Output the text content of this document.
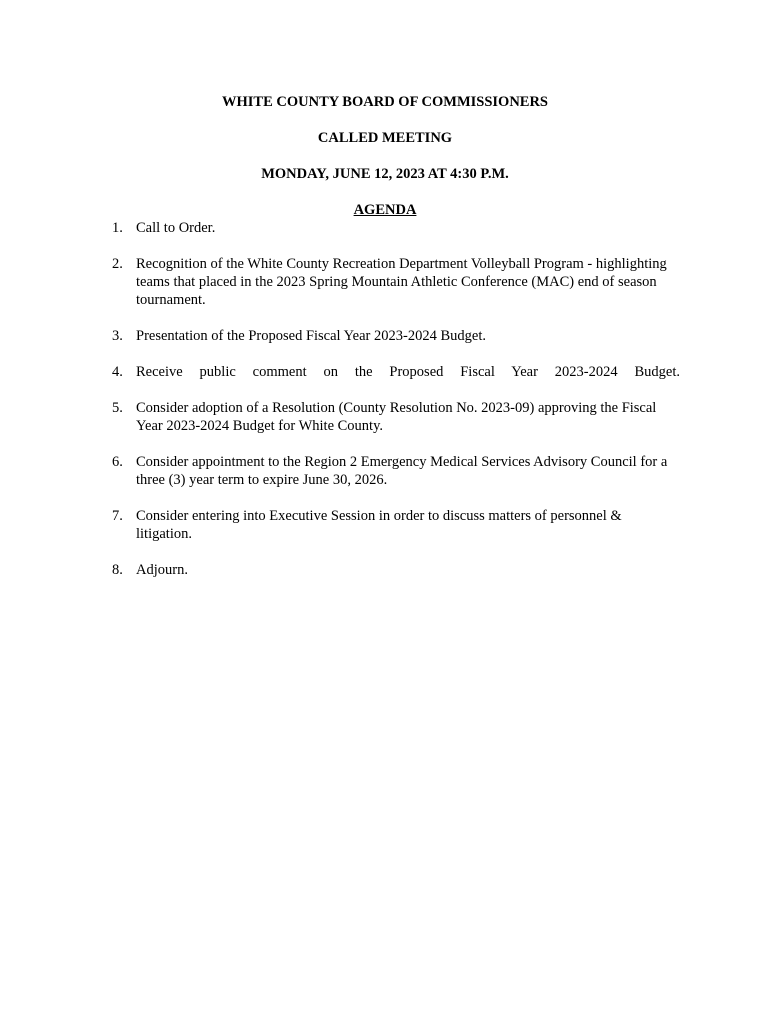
WHITE COUNTY BOARD OF COMMISSIONERS
CALLED MEETING
MONDAY, JUNE 12, 2023 AT 4:30 P.M.
AGENDA
1. Call to Order.
2. Recognition of the White County Recreation Department Volleyball Program - highlighting teams that placed in the 2023 Spring Mountain Athletic Conference (MAC) end of season tournament.
3. Presentation of the Proposed Fiscal Year 2023-2024 Budget.
4. Receive public comment on the Proposed Fiscal Year 2023-2024 Budget.
5. Consider adoption of a Resolution (County Resolution No. 2023-09) approving the Fiscal Year 2023-2024 Budget for White County.
6. Consider appointment to the Region 2 Emergency Medical Services Advisory Council for a three (3) year term to expire June 30, 2026.
7. Consider entering into Executive Session in order to discuss matters of personnel & litigation.
8. Adjourn.
